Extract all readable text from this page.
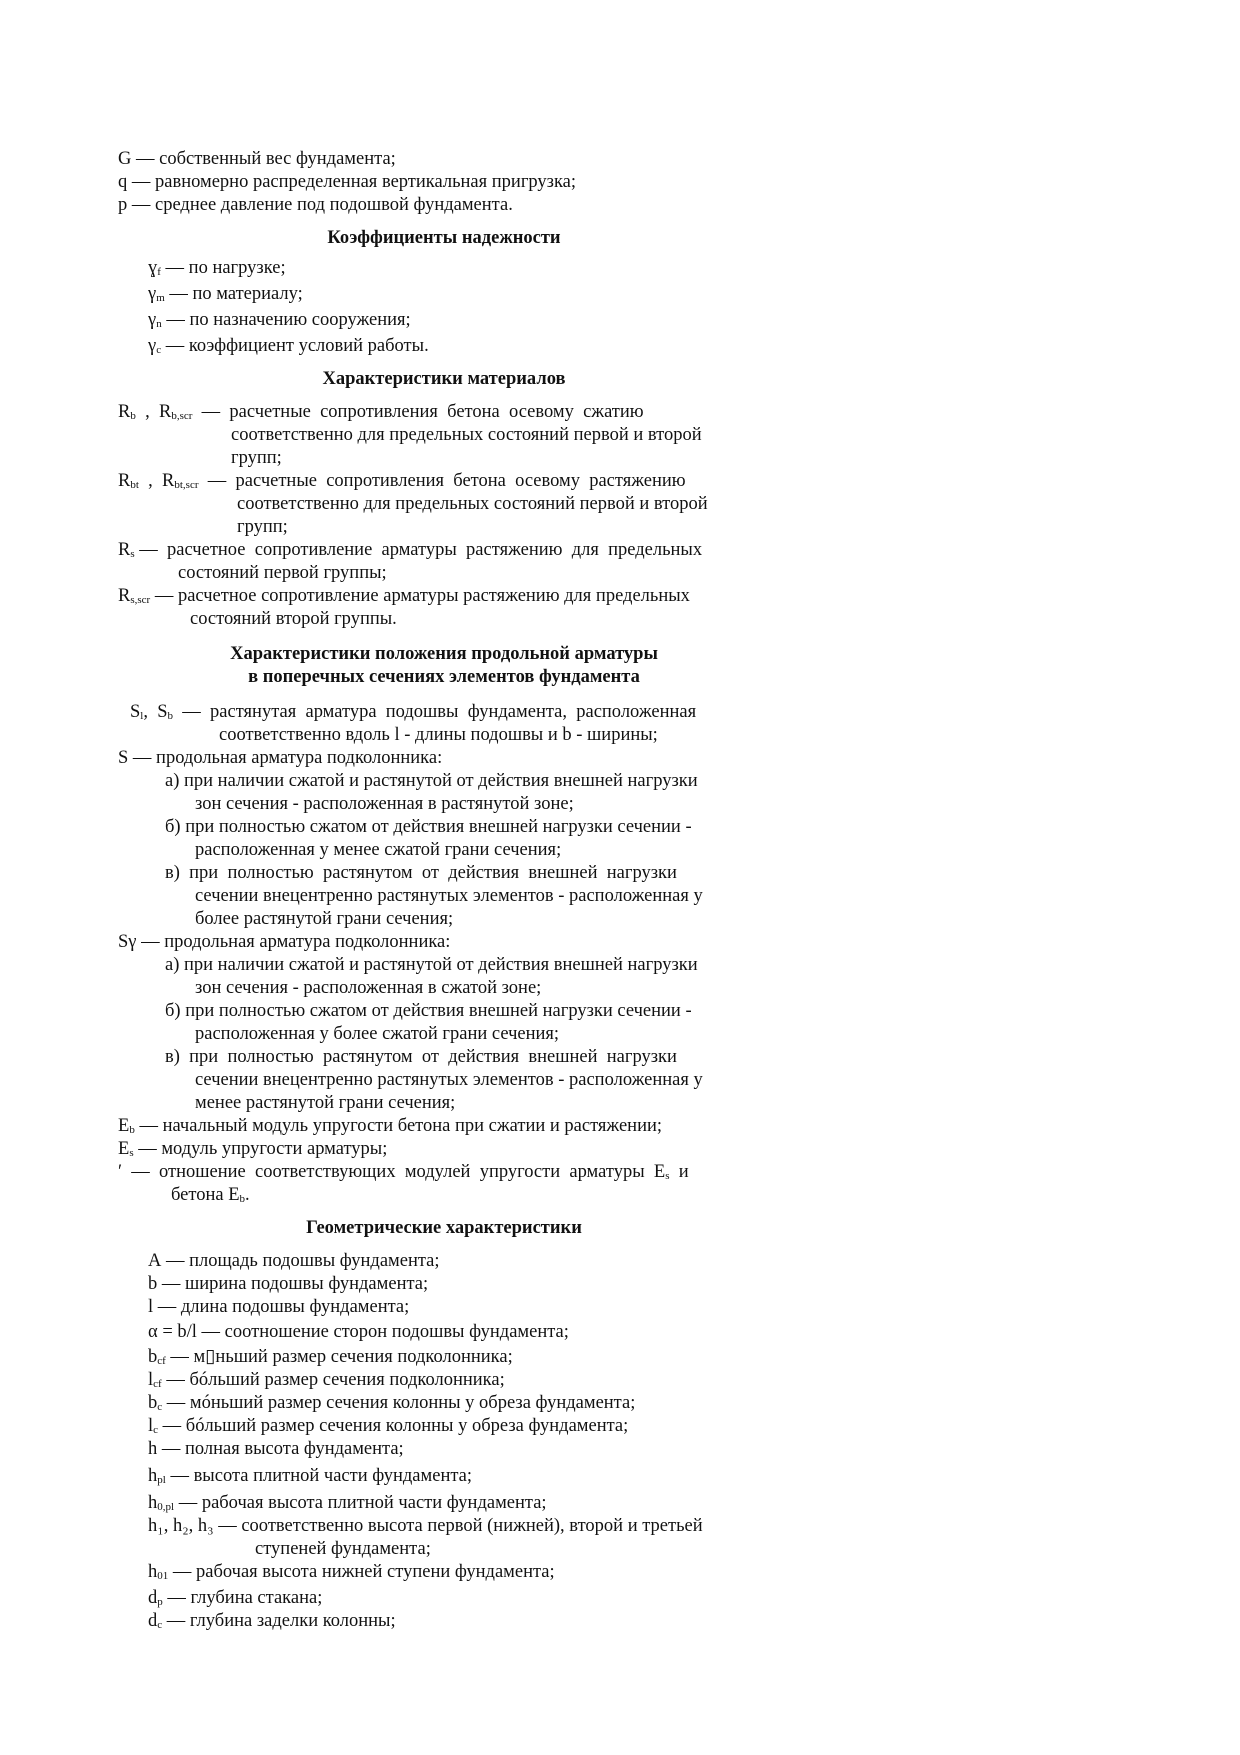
G — собственный вес фундамента;
q — равномерно распределенная вертикальная пригрузка;
p — среднее давление под подошвой фундамента.
Коэффициенты надежности
ɣ$_f$ — по нагрузке;
$\gamma_m$ — по материалу;
$\gamma_n$ — по назначению сооружения;
$\gamma_c$ — коэффициент условий работы.
Характеристики материалов
$R_b$  ,  $R_{b,scr}$  —  расчетные  сопротивления  бетона  осевому  сжатию
соответственно для предельных состояний первой и второй
групп;
$R_{bt}$  ,  $R_{bt,scr}$  —  расчетные  сопротивления  бетона  осевому  растяжению
соответственно для предельных состояний первой и второй
групп;
$R_s$ —  расчетное  сопротивление  арматуры  растяжению  для  предельных
состояний первой группы;
$R_{s,scr}$ — расчетное сопротивление арматуры растяжению для предельных
состояний второй группы.
Характеристики положения продольной арматуры
в поперечных сечениях элементов фундамента
$S_l$,  $S_b$  —  растянутая  арматура  подошвы  фундамента,  расположенная
соответственно вдоль l - длины подошвы и b - ширины;
S — продольная арматура подколонника:
а) при наличии сжатой и растянутой от действия внешней нагрузки
зон сечения - расположенная в растянутой зоне;
б) при полностью сжатом от действия внешней нагрузки сечении -
расположенная у менее сжатой грани сечения;
в)  при  полностью  растянутом  от  действия  внешней  нагрузки
сечении внецентренно растянутых элементов - расположенная у
более растянутой грани сечения;
Sγ — продольная арматура подколонника:
а) при наличии сжатой и растянутой от действия внешней нагрузки
зон сечения - расположенная в сжатой зоне;
б) при полностью сжатом от действия внешней нагрузки сечении -
расположенная у более сжатой грани сечения;
в)  при  полностью  растянутом  от  действия  внешней  нагрузки
сечении внецентренно растянутых элементов - расположенная у
менее растянутой грани сечения;
$E_b$ — начальный модуль упругости бетона при сжатии и растяжении;
$E_s$ — модуль упругости арматуры;
′  —  отношение  соответствующих  модулей  упругости  арматуры  $E_s$  и
бетона $E_b$.
Геометрические характеристики
A — площадь подошвы фундамента;
b — ширина подошвы фундамента;
l — длина подошвы фундамента;
α = b/l — соотношение сторон подошвы фундамента;
$b_{cf}$ — м▯ньший размер сечения подколонника;
$l_{cf}$ — бóльший размер сечения подколонника;
$b_c$ — мóньший размер сечения колонны у обреза фундамента;
$l_c$ — бóльший размер сечения колонны у обреза фундамента;
h — полная высота фундамента;
$h_{pl}$ — высота плитной части фундамента;
$h_{0,pl}$ — рабочая высота плитной части фундамента;
h₁, h₂, h₃ — соответственно высота первой (нижней), второй и третьей
ступеней фундамента;
$h_{01}$ — рабочая высота нижней ступени фундамента;
$d_p$ — глубина стакана;
$d_c$ — глубина заделки колонны;
